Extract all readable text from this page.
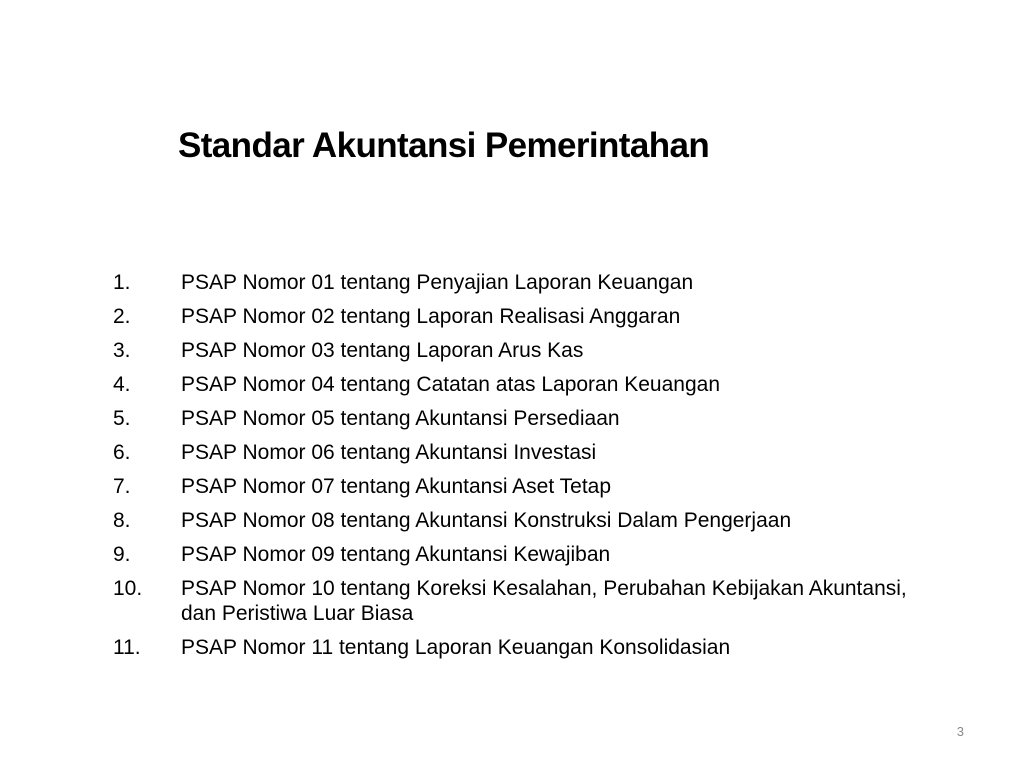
Standar Akuntansi Pemerintahan
1.	PSAP Nomor 01 tentang Penyajian Laporan Keuangan
2.	PSAP Nomor 02 tentang Laporan Realisasi Anggaran
3.	PSAP Nomor 03 tentang Laporan Arus Kas
4.	PSAP Nomor 04 tentang Catatan atas Laporan Keuangan
5.	PSAP Nomor 05 tentang Akuntansi Persediaan
6.	PSAP Nomor 06 tentang Akuntansi Investasi
7.	PSAP Nomor 07 tentang Akuntansi Aset Tetap
8.	PSAP Nomor 08 tentang Akuntansi Konstruksi Dalam Pengerjaan
9.	PSAP Nomor 09 tentang Akuntansi Kewajiban
10.	PSAP Nomor 10 tentang Koreksi Kesalahan, Perubahan Kebijakan Akuntansi, dan Peristiwa Luar Biasa
11.	PSAP Nomor 11 tentang Laporan Keuangan Konsolidasian
3
